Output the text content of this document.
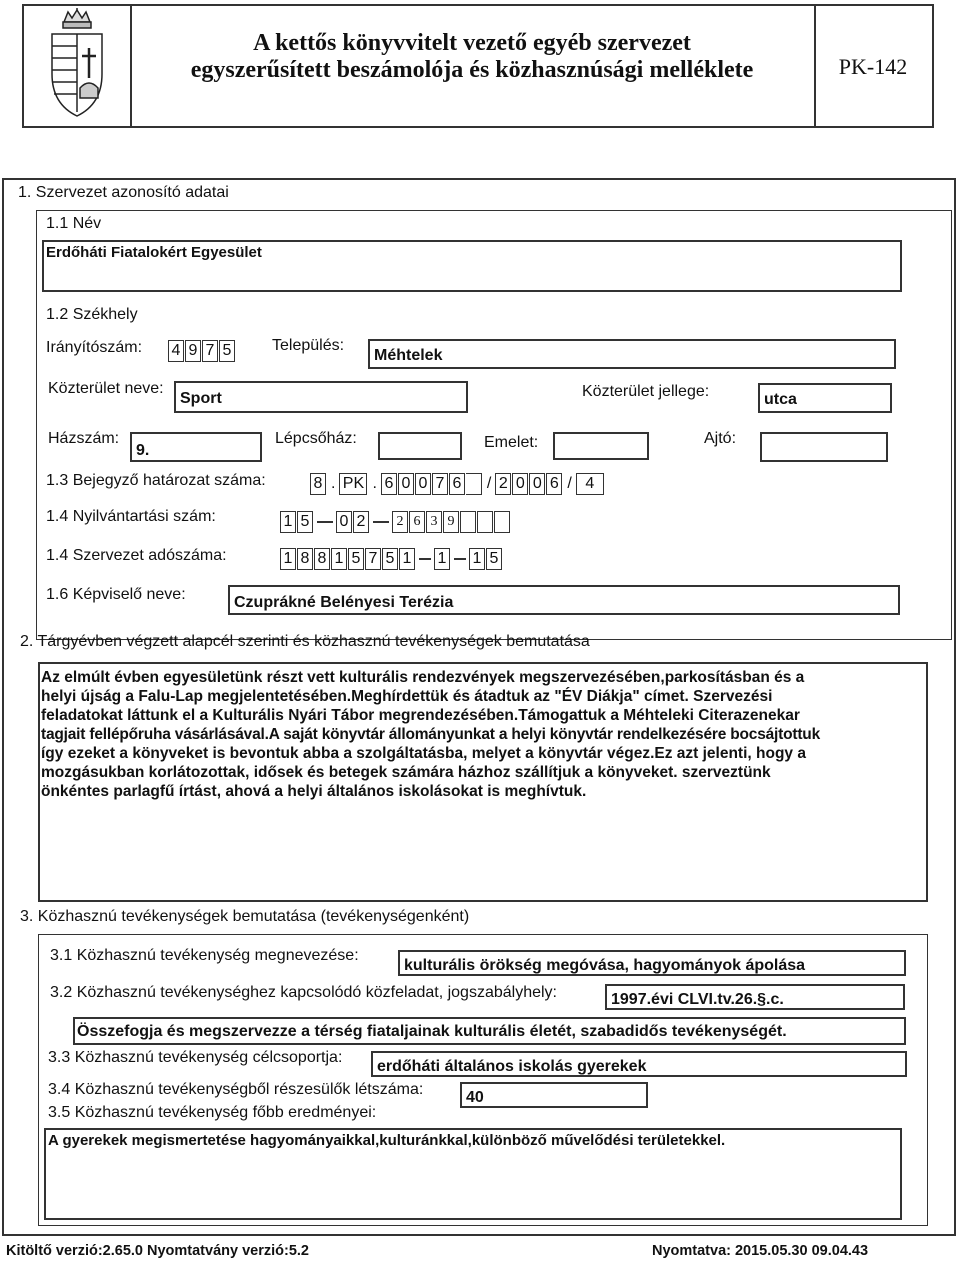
A kettős könyvvitelt vezető egyéb szervezet
egyszerűsített beszámolója és közhasznúsági melléklete	PK-142
1. Szervezet azonosító adatai
1.1 Név
Erdőháti Fiatalokért Egyesület
1.2 Székhely
Irányítószám: 4 9 7 5	Település:
Méhtelek
Közterület neve:
Sport	Közterület jellege:	utca
Házszám:
9.
Lépcsőház:	Emelet:	Ajtó:
1.3 Bejegyző határozat száma:	8 . PK . 6 0 0 7 6 / 2 0 0 6 / 4
1.4 Nyilvántartási szám:	1 5 0 2	2 6 3 9
1.4 Szervezet adószáma:	1 8 8 1 5 7 5 1 1 1 5
1.6 Képviselő neve:	Czuprákné Belényesi Terézia
2. Tárgyévben végzett alapcél szerinti és közhasznú tevékenységek bemutatása
Az elmúlt évben egyesületünk részt vett kulturális rendezvények megszervezésében,parkosításban és a
helyi újság a Falu-Lap megjelentetésében.Meghírdettük és átadtuk az "ÉV Diákja" címet. Szervezési
feladatokat láttunk el a Kulturális Nyári Tábor megrendezésében.Támogattuk a Méhteleki Citerazenekar
tagjait fellépőruha vásárlásával.A saját könyvtár állományunkat a helyi könyvtár rendelkezésére bocsájtottuk
így ezeket a könyveket is bevontuk abba a szolgáltatásba, melyet a könyvtár végez.Ez azt jelenti, hogy a
mozgásukban korlátozottak, idősek és betegek számára házhoz szállítjuk a könyveket. szerveztünk
önkéntes parlagfű írtást, ahová a helyi általános iskolásokat is meghívtuk.
3. Közhasznú tevékenységek bemutatása (tevékenységenként)
3.1 Közhasznú tevékenység megnevezése:
kulturális örökség megóvása, hagyományok ápolása
3.2 Közhasznú tevékenységhez kapcsolódó közfeladat, jogszabályhely:	1997.évi CLVI.tv.26.§.c.
Összefogja és megszervezze a térség fiataljainak kulturális életét, szabadidős tevékenységét.
3.3 Közhasznú tevékenység célcsoportja:
erdőháti általános iskolás gyerekek
3.4 Közhasznú tevékenységből részesülők létszáma:	40
3.5 Közhasznú tevékenység főbb eredményei:
A gyerekek megismertetése hagyományaikkal,kulturánkkal,különböző művelődési területekkel.
Kitöltő verzió:2.65.0 Nyomtatvány verzió:5.2	Nyomtatva: 2015.05.30 09.04.43
